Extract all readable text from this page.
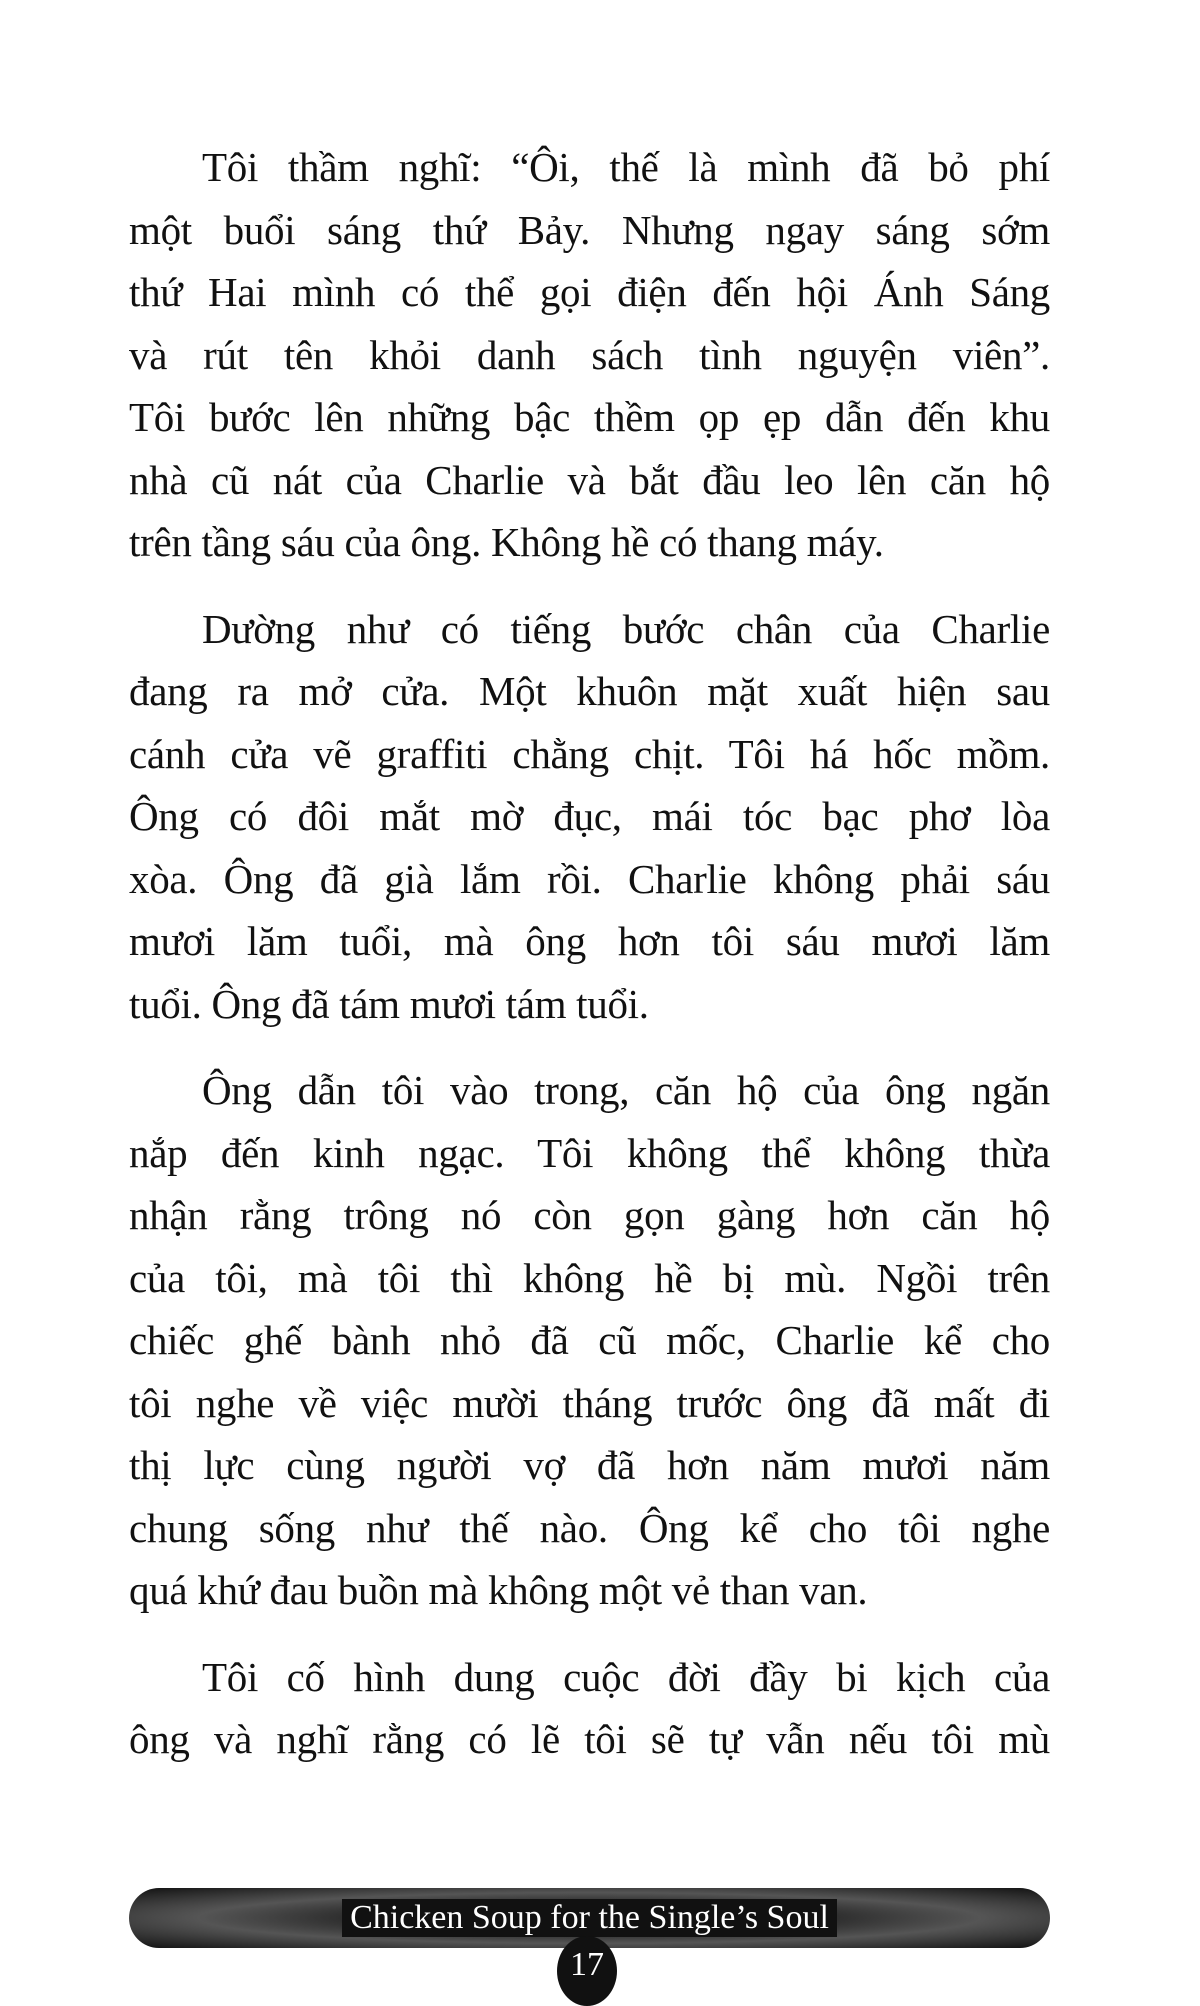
Tôi thầm nghĩ: “Ôi, thế là mình đã bỏ phí
một buổi sáng thứ Bảy. Nhưng ngay sáng sớm
thứ Hai mình có thể gọi điện đến hội Ánh Sáng
và rút tên khỏi danh sách tình nguyện viên”.
Tôi bước lên những bậc thềm ọp ẹp dẫn đến khu
nhà cũ nát của Charlie và bắt đầu leo lên căn hộ
trên tầng sáu của ông. Không hề có thang máy.
Dường như có tiếng bước chân của Charlie
đang ra mở cửa. Một khuôn mặt xuất hiện sau
cánh cửa vẽ graffiti chằng chịt. Tôi há hốc mồm.
Ông có đôi mắt mờ đục, mái tóc bạc phơ lòa
xòa. Ông đã già lắm rồi. Charlie không phải sáu
mươi lăm tuổi, mà ông hơn tôi sáu mươi lăm
tuổi. Ông đã tám mươi tám tuổi.
Ông dẫn tôi vào trong, căn hộ của ông ngăn
nắp đến kinh ngạc. Tôi không thể không thừa
nhận rằng trông nó còn gọn gàng hơn căn hộ
của tôi, mà tôi thì không hề bị mù. Ngồi trên
chiếc ghế bành nhỏ đã cũ mốc, Charlie kể cho
tôi nghe về việc mười tháng trước ông đã mất đi
thị lực cùng người vợ đã hơn năm mươi năm
chung sống như thế nào. Ông kể cho tôi nghe
quá khứ đau buồn mà không một vẻ than van.
Tôi cố hình dung cuộc đời đầy bi kịch của
ông và nghĩ rằng có lẽ tôi sẽ tự vẫn nếu tôi mù
Chicken Soup for the Single’s Soul
17
